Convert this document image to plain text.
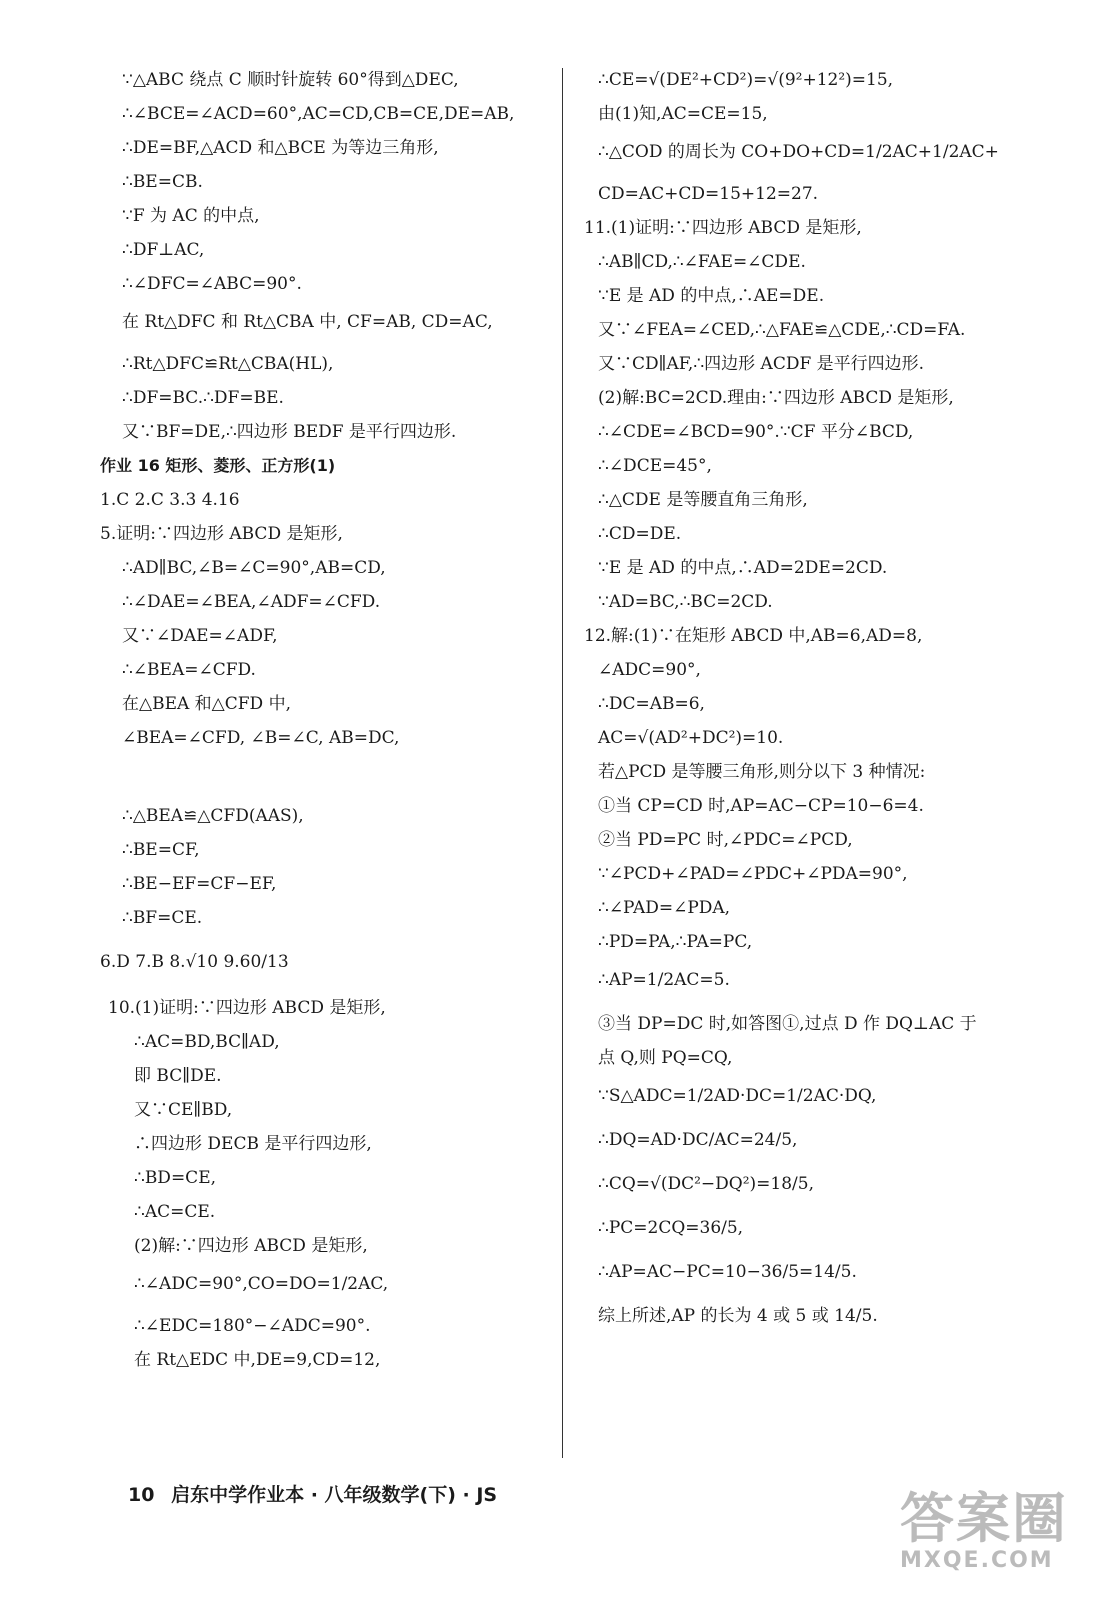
∵△ABC 绕点 C 顺时针旋转 60°得到△DEC,
∴∠BCE=∠ACD=60°,AC=CD,CB=CE,DE=AB,
∴DE=BF,△ACD 和△BCE 为等边三角形,
∴BE=CB.
∵F 为 AC 的中点,
∴DF⊥AC,
∴∠DFC=∠ABC=90°.
在 Rt△DFC 和 Rt△CBA 中, CF=AB, CD=AC,
∴Rt△DFC≌Rt△CBA(HL),
∴DF=BC.∴DF=BE.
又∵BF=DE,∴四边形 BEDF 是平行四边形.
作业 16 矩形、菱形、正方形(1)
1.C 2.C 3.3 4.16
5.证明:∵四边形 ABCD 是矩形,
∴AD∥BC,∠B=∠C=90°,AB=CD,
∴∠DAE=∠BEA,∠ADF=∠CFD.
又∵∠DAE=∠ADF,
∴∠BEA=∠CFD.
在△BEA 和△CFD 中,
∠BEA=∠CFD, ∠B=∠C, AB=DC,
∴△BEA≌△CFD(AAS),
∴BE=CF,
∴BE−EF=CF−EF,
∴BF=CE.
6.D 7.B 8.√10 9.60/13
10.(1)证明:∵四边形 ABCD 是矩形,
∴AC=BD,BC∥AD,
即 BC∥DE.
又∵CE∥BD,
∴四边形 DECB 是平行四边形,
∴BD=CE,
∴AC=CE.
(2)解:∵四边形 ABCD 是矩形,
∴∠ADC=90°,CO=DO=1/2AC,
∴∠EDC=180°−∠ADC=90°.
在 Rt△EDC 中,DE=9,CD=12,
∴CE=√(DE²+CD²)=√(9²+12²)=15,
由(1)知,AC=CE=15,
∴△COD 的周长为 CO+DO+CD=1/2AC+1/2AC+
CD=AC+CD=15+12=27.
11.(1)证明:∵四边形 ABCD 是矩形,
∴AB∥CD,∴∠FAE=∠CDE.
∵E 是 AD 的中点,∴AE=DE.
又∵∠FEA=∠CED,∴△FAE≌△CDE,∴CD=FA.
又∵CD∥AF,∴四边形 ACDF 是平行四边形.
(2)解:BC=2CD.理由:∵四边形 ABCD 是矩形,
∴∠CDE=∠BCD=90°.∵CF 平分∠BCD,
∴∠DCE=45°,
∴△CDE 是等腰直角三角形,
∴CD=DE.
∵E 是 AD 的中点,∴AD=2DE=2CD.
∵AD=BC,∴BC=2CD.
12.解:(1)∵在矩形 ABCD 中,AB=6,AD=8,
∠ADC=90°,
∴DC=AB=6,
AC=√(AD²+DC²)=10.
若△PCD 是等腰三角形,则分以下 3 种情况:
①当 CP=CD 时,AP=AC−CP=10−6=4.
②当 PD=PC 时,∠PDC=∠PCD,
∵∠PCD+∠PAD=∠PDC+∠PDA=90°,
∴∠PAD=∠PDA,
∴PD=PA,∴PA=PC,
∴AP=1/2AC=5.
③当 DP=DC 时,如答图①,过点 D 作 DQ⊥AC 于
点 Q,则 PQ=CQ,
∵S△ADC=1/2AD·DC=1/2AC·DQ,
∴DQ=AD·DC/AC=24/5,
∴CQ=√(DC²−DQ²)=18/5,
∴PC=2CQ=36/5,
∴AP=AC−PC=10−36/5=14/5.
综上所述,AP 的长为 4 或 5 或 14/5.
10 启东中学作业本 · 八年级数学(下) · JS	答案圈
MXQE.COM
